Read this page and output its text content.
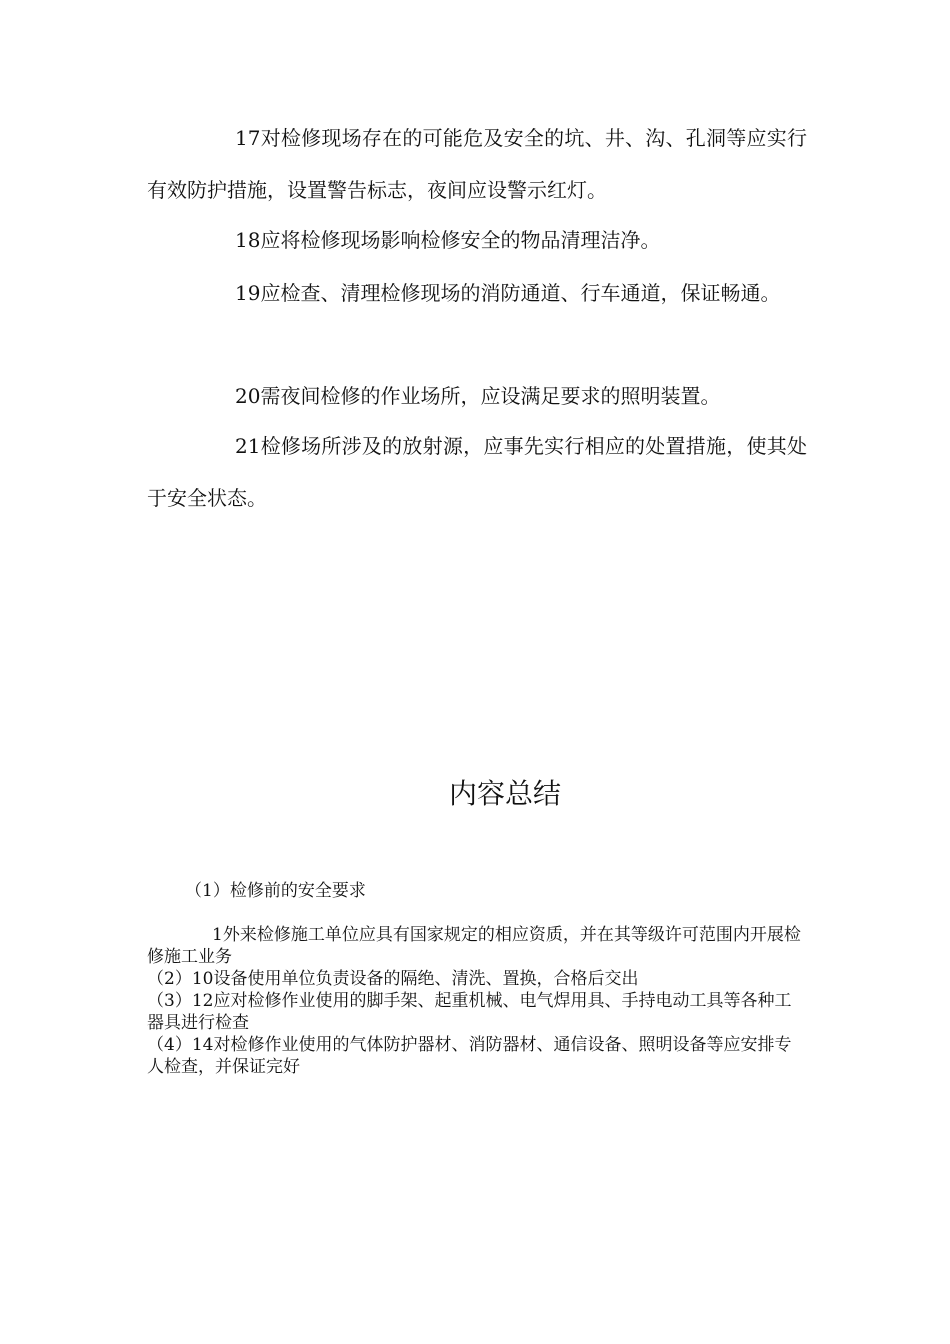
17对检修现场存在的可能危及安全的坑、井、沟、孔洞等应实行有效防护措施，设置警告标志，夜间应设警示红灯。

18应将检修现场影响检修安全的物品清理洁净。

19应检查、清理检修现场的消防通道、行车通道，保证畅通。

20需夜间检修的作业场所，应设满足要求的照明装置。

21检修场所涉及的放射源，应事先实行相应的处置措施，使其处于安全状态。

内容总结

（1）检修前的安全要求

1外来检修施工单位应具有国家规定的相应资质，并在其等级许可范围内开展检修施工业务

（2）10设备使用单位负责设备的隔绝、清洗、置换，合格后交出

（3）12应对检修作业使用的脚手架、起重机械、电气焊用具、手持电动工具等各种工器具进行检查

（4）14对检修作业使用的气体防护器材、消防器材、通信设备、照明设备等应安排专人检查，并保证完好
